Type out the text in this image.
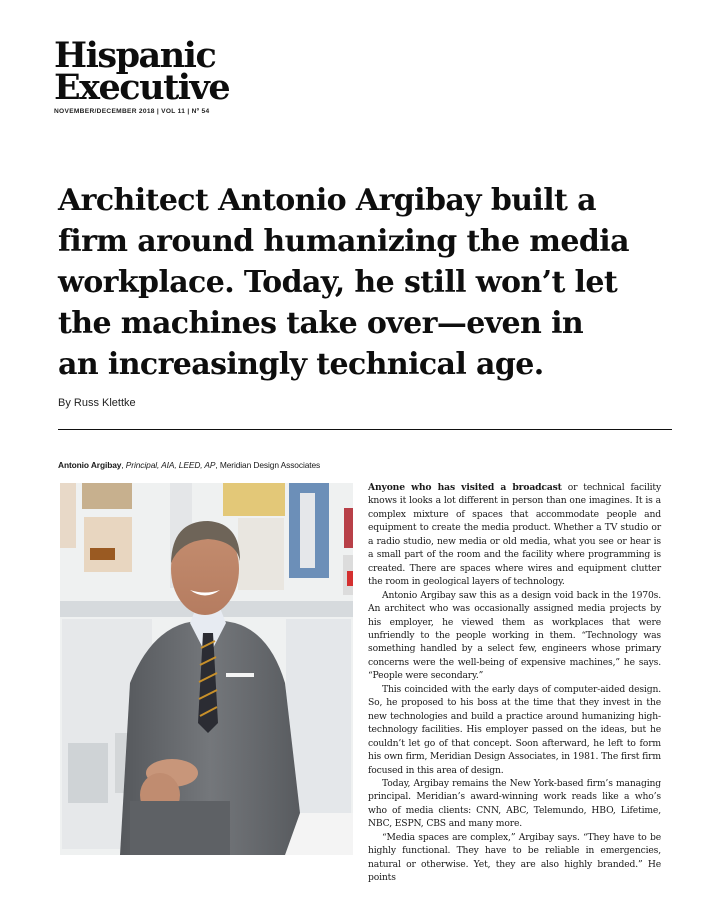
Hispanic
Executive
NOVEMBER/DECEMBER 2018 | VOL 11 | Nº 54
Architect Antonio Argibay built a
firm around humanizing the media
workplace. Today, he still won’t let
the machines take over—even in
an increasingly technical age.
By Russ Klettke
Antonio Argibay, Principal, AIA, LEED, AP, Meridian Design Associates

Anyone who has visited a broadcast or technical facility knows it looks a lot different in person than one imagines. It is a complex mixture of spaces that accommodate people and equipment to create the media product. Whether a TV studio or a radio studio, new media or old media, what you see or hear is a small part of the room and the facility where programming is created. There are spaces where wires and equipment clutter the room in geological layers of technology.

Antonio Argibay saw this as a design void back in the 1970s. An architect who was occasionally assigned media projects by his employer, he viewed them as workplaces that were unfriendly to the people working in them. “Technology was something handled by a select few, engineers whose primary concerns were the well-being of expensive machines,” he says. “People were secondary.”

This coincided with the early days of computer-aided design. So, he proposed to his boss at the time that they invest in the new technologies and build a practice around humanizing high-technology facilities. His employer passed on the ideas, but he couldn’t let go of that concept. Soon afterward, he left to form his own firm, Meridian Design Associates, in 1981. The first firm focused in this area of design.

Today, Argibay remains the New York-based firm’s managing principal. Meridian’s award-winning work reads like a who’s who of media clients: CNN, ABC, Telemundo, HBO, Lifetime, NBC, ESPN, CBS and many more.

“Media spaces are complex,” Argibay says. “They have to be highly functional. They have to be reliable in emergencies, natural or otherwise. Yet, they are also highly branded.” He points
